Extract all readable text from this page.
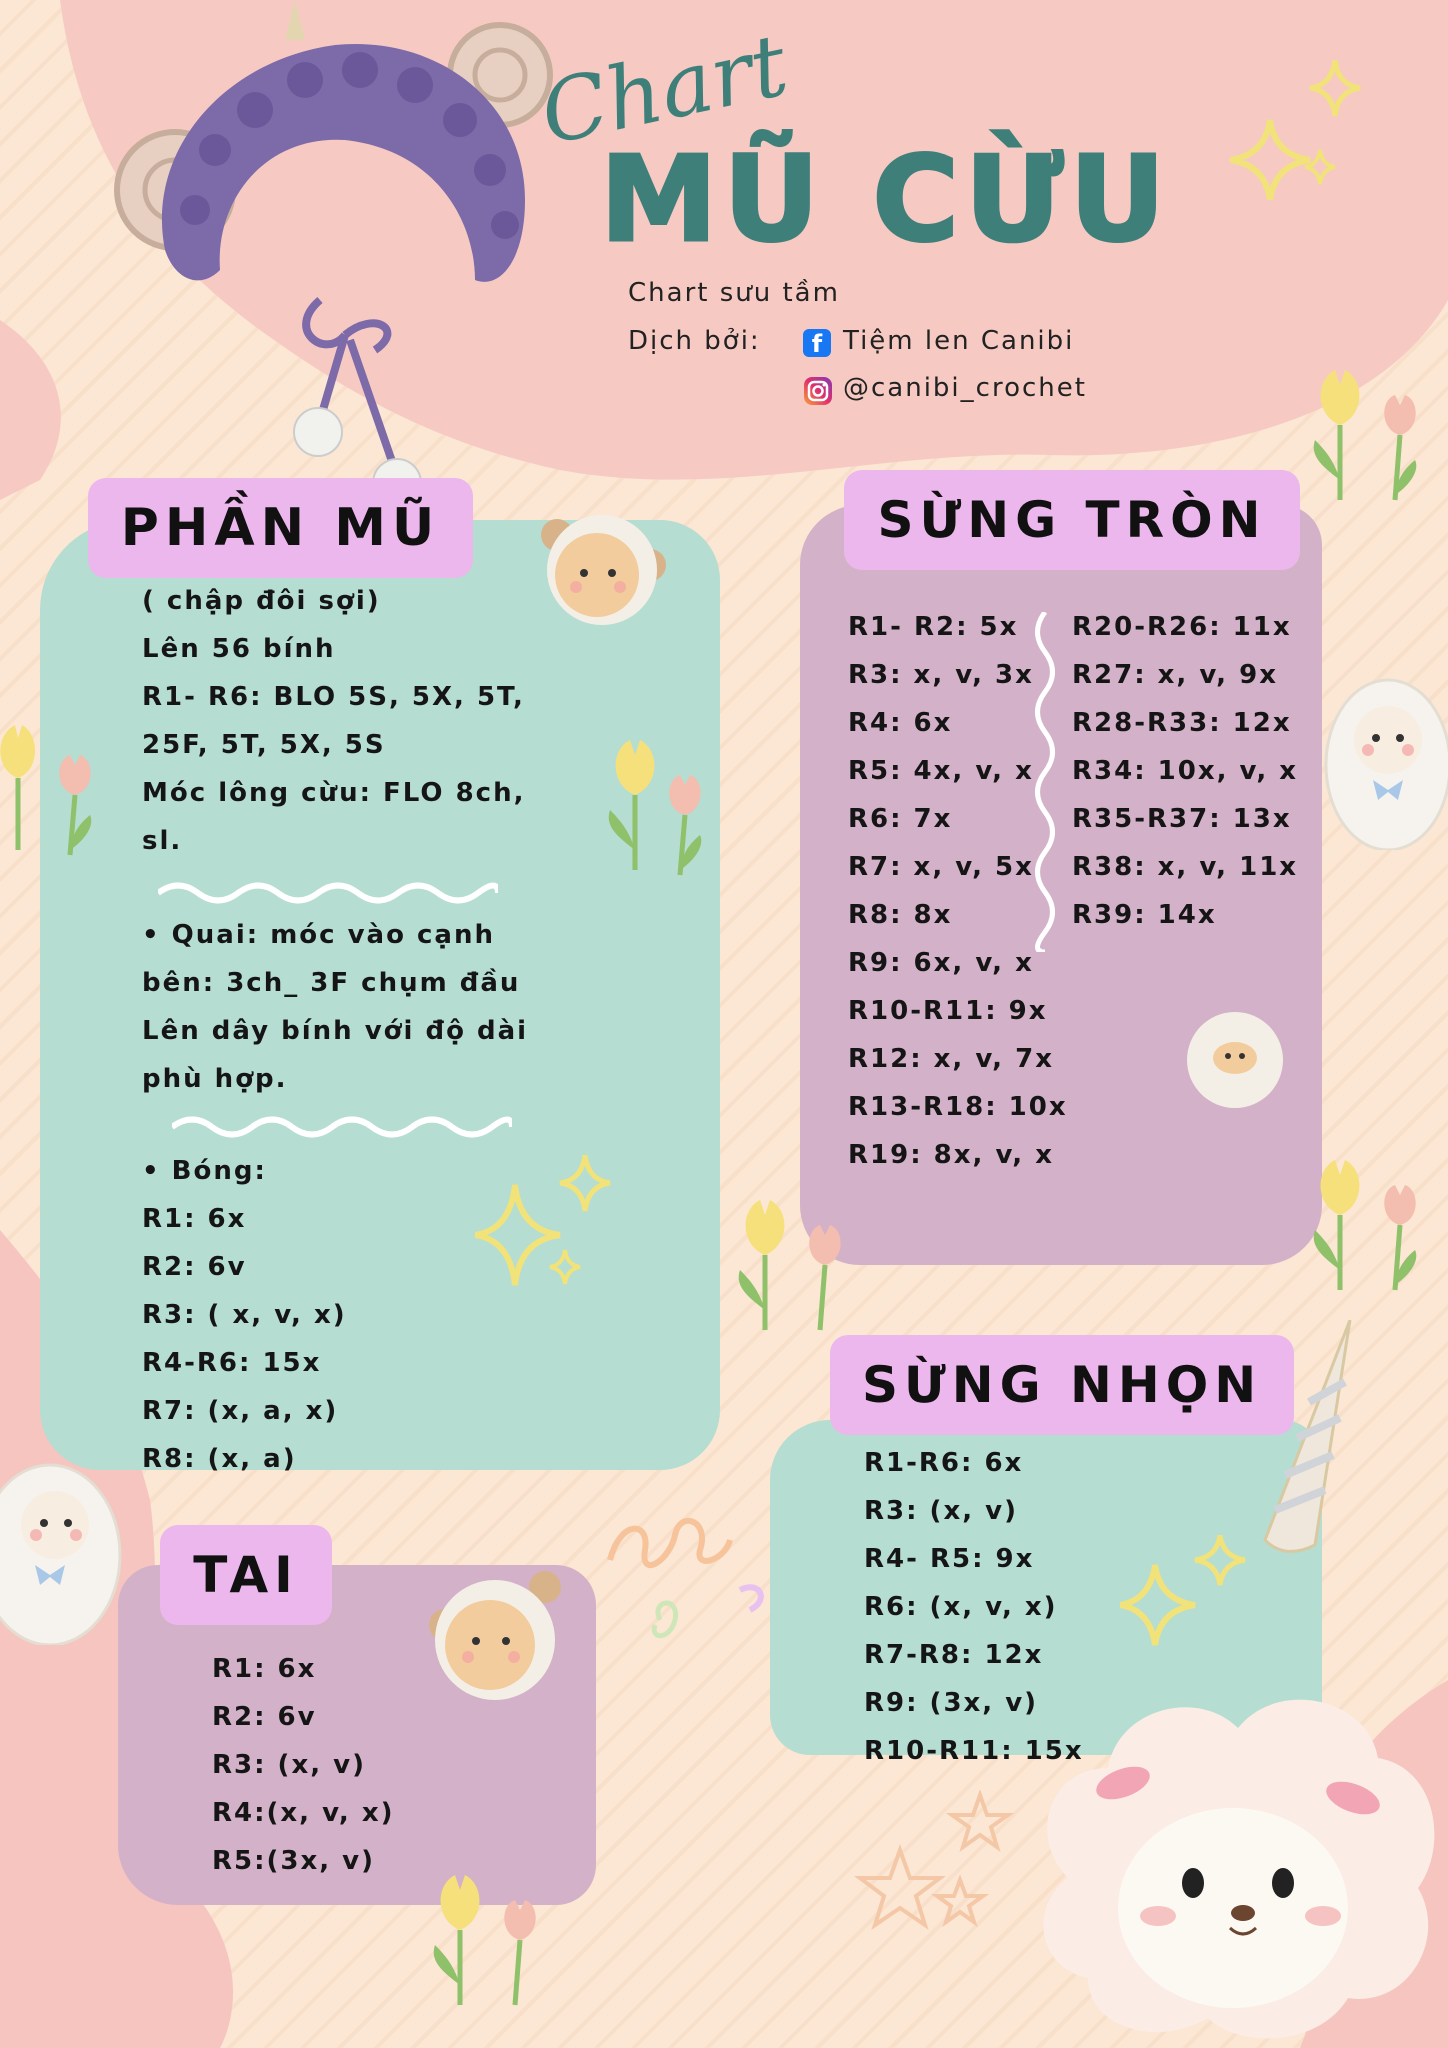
Chart
MŨ CỪU
Chart sưu tầm
Dịch bởi:	f Tiệm len Canibi
@canibi_crochet
PHẦN MŨ
( chập đôi sợi)
Lên 56 bính
R1- R6: BLO 5S, 5X, 5T,
25F, 5T, 5X, 5S
Móc lông cừu: FLO 8ch,
sl.
• Quai: móc vào cạnh
bên: 3ch_ 3F chụm đầu
Lên dây bính với độ dài
phù hợp.
• Bóng:
R1: 6x
R2: 6v
R3: ( x, v, x)
R4-R6: 15x
R7: (x, a, x)
R8: (x, a)
SỪNG TRÒN
R1- R2: 5x
R3: x, v, 3x
R4: 6x
R5: 4x, v, x
R6: 7x
R7: x, v, 5x
R8: 8x
R9: 6x, v, x
R10-R11: 9x
R12: x, v, 7x
R13-R18: 10x
R19: 8x, v, x
R20-R26: 11x
R27: x, v, 9x
R28-R33: 12x
R34: 10x, v, x
R35-R37: 13x
R38: x, v, 11x
R39: 14x
TAI
R1: 6x
R2: 6v
R3: (x, v)
R4:(x, v, x)
R5:(3x, v)
SỪNG NHỌN
R1-R6: 6x
R3: (x, v)
R4- R5: 9x
R6: (x, v, x)
R7-R8: 12x
R9: (3x, v)
R10-R11: 15x
